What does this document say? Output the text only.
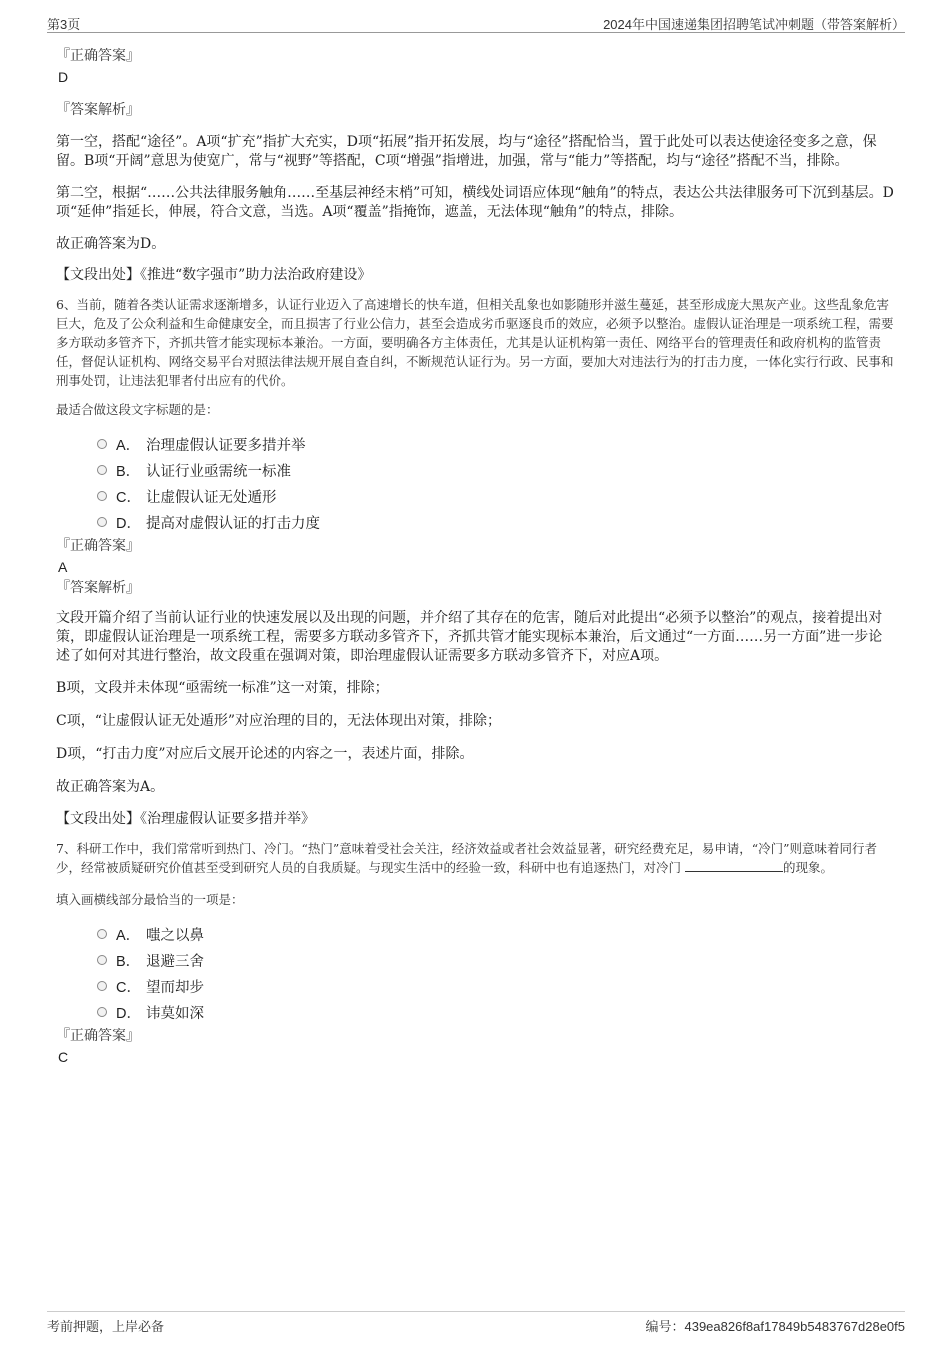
第3页	2024年中国速递集团招聘笔试冲刺题（带答案解析）

『正确答案』

D

『答案解析』

第一空，搭配“途径”。A项“扩充”指扩大充实，D项“拓展”指开拓发展，均与“途径”搭配恰当，置于此处可以表达使途径变多之意，保留。B项“开阔”意思为使宽广，常与“视野”等搭配，C项“增强”指增进，加强，常与“能力”等搭配，均与“途径”搭配不当，排除。

第二空，根据“……公共法律服务触角……至基层神经末梢”可知，横线处词语应体现“触角”的特点，表达公共法律服务可下沉到基层。D项“延伸”指延长，伸展，符合文意，当选。A项“覆盖”指掩饰，遮盖，无法体现“触角”的特点，排除。

故正确答案为D。

【文段出处】《推进“数字强市”助力法治政府建设》

6、当前，随着各类认证需求逐渐增多，认证行业迈入了高速增长的快车道，但相关乱象也如影随形并滋生蔓延，甚至形成庞大黑灰产业。这些乱象危害巨大，危及了公众利益和生命健康安全，而且损害了行业公信力，甚至会造成劣币驱逐良币的效应，必须予以整治。虚假认证治理是一项系统工程，需要多方联动多管齐下，齐抓共管才能实现标本兼治。一方面，要明确各方主体责任，尤其是认证机构第一责任、网络平台的管理责任和政府机构的监管责任，督促认证机构、网络交易平台对照法律法规开展自查自纠，不断规范认证行为。另一方面，要加大对违法行为的打击力度，一体化实行行政、民事和刑事处罚，让违法犯罪者付出应有的代价。

最适合做这段文字标题的是：

A． 治理虚假认证要多措并举
B． 认证行业亟需统一标准
C． 让虚假认证无处遁形
D． 提高对虚假认证的打击力度

『正确答案』

A

『答案解析』

文段开篇介绍了当前认证行业的快速发展以及出现的问题，并介绍了其存在的危害，随后对此提出“必须予以整治”的观点，接着提出对策，即虚假认证治理是一项系统工程，需要多方联动多管齐下，齐抓共管才能实现标本兼治，后文通过“一方面……另一方面”进一步论述了如何对其进行整治，故文段重在强调对策，即治理虚假认证需要多方联动多管齐下，对应A项。

B项，文段并未体现“亟需统一标准”这一对策，排除；

C项，“让虚假认证无处遁形”对应治理的目的，无法体现出对策，排除；

D项，“打击力度”对应后文展开论述的内容之一，表述片面，排除。

故正确答案为A。

【文段出处】《治理虚假认证要多措并举》

7、科研工作中，我们常常听到热门、冷门。“热门”意味着受社会关注，经济效益或者社会效益显著，研究经费充足，易申请，“冷门”则意味着同行者少，经常被质疑研究价值甚至受到研究人员的自我质疑。与现实生活中的经验一致，科研中也有追逐热门，对冷门	的现象。

填入画横线部分最恰当的一项是：

A． 嗤之以鼻
B． 退避三舍
C． 望而却步
D． 讳莫如深

『正确答案』

C

考前押题，上岸必备	编号：439ea826f8af17849b5483767d28e0f5
